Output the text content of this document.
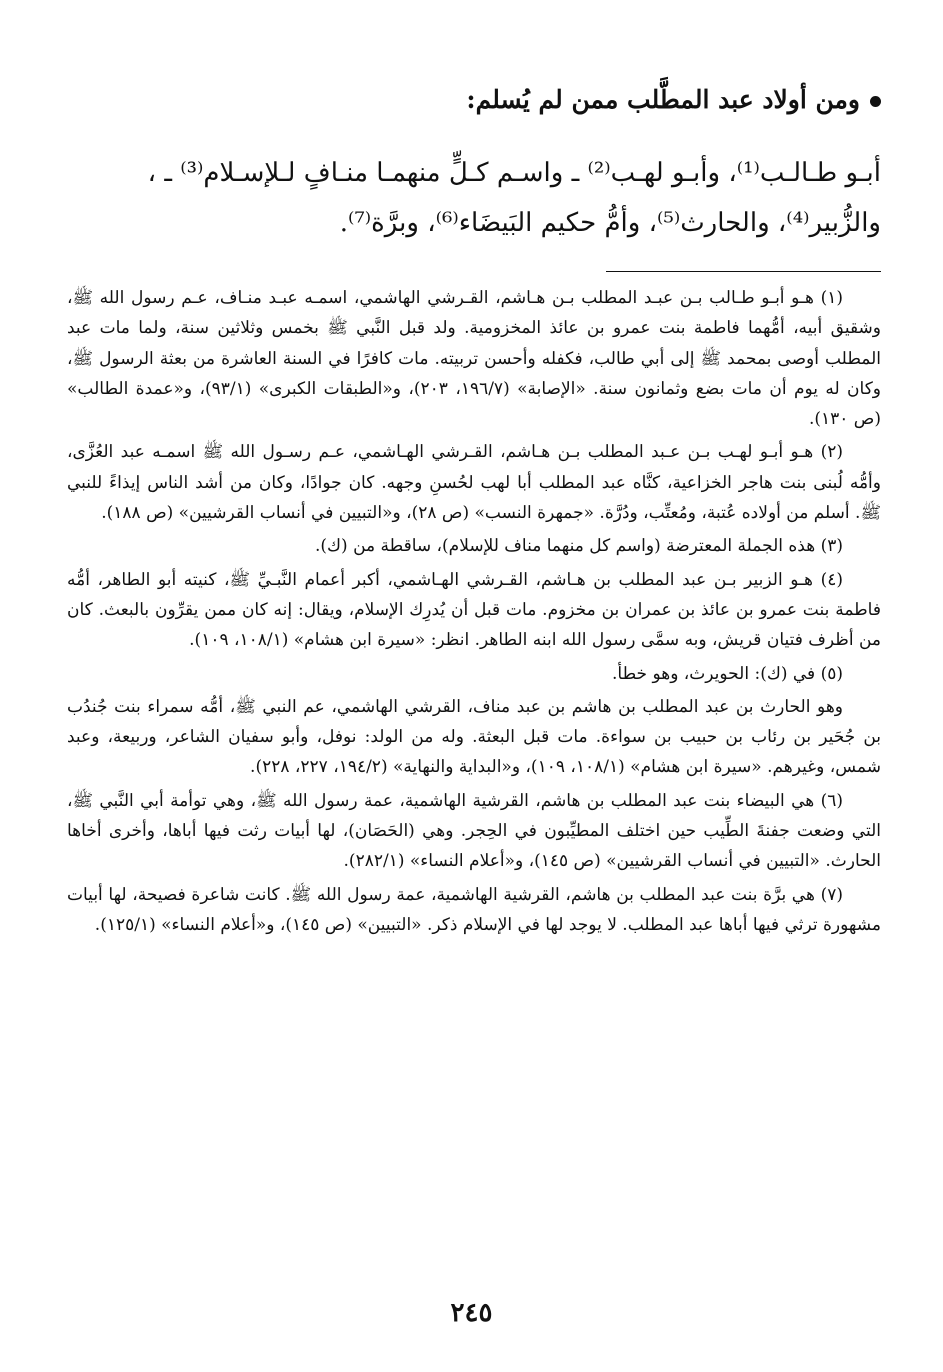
ومن أولاد عبد المطَّلب ممن لم يُسلم:

أبـو طـالـب⁽¹⁾، وأبـو لهـب⁽²⁾ ـ واسـم كـلٍّ منهمـا منـافٍ لـلإسـلام⁽³⁾ ـ ،

والزُّبير⁽⁴⁾، والحارث⁽⁵⁾، وأمُّ حكيم البَيضَاء⁽⁶⁾، وبرَّة⁽⁷⁾.

(١) هـو أبـو طـالب بـن عبـد المطلب بـن هـاشم، القـرشي الهاشمي، اسمـه عبـد منـاف، عـم رسول الله ﷺ، وشقيق أبيه، أمُّهما فاطمة بنت عمرو بن عائذ المخزومية. ولد قبل النَّبي ﷺ بخمس وثلاثين سنة، ولما مات عبد المطلب أوصى بمحمد ﷺ إلى أبي طالب، فكفله وأحسن تربيته. مات كافرًا في السنة العاشرة من بعثة الرسول ﷺ، وكان له يوم أن مات بضع وثمانون سنة. «الإصابة» (١٩٦/٧، ٢٠٣)، و«الطبقات الكبرى» (٩٣/١)، و«عمدة الطالب» (ص ١٣٠).

(٢) هـو أبـو لهـب بـن عـبد المطلب بـن هـاشم، القـرشي الهـاشمي، عـم رسـول الله ﷺ اسمـه عبد العُزَّى، وأمُّه لُبنى بنت هاجر الخزاعية، كنَّاه عبد المطلب أبا لهب لحُسنِ وجهه. كان جوادًا، وكان من أشد الناس إيذاءً للنبي ﷺ. أسلم من أولاده عُتبة، ومُعتِّب، ودُرَّة. «جمهرة النسب» (ص ٢٨)، و«التبيين في أنساب القرشيين» (ص ١٨٨).

(٣) هذه الجملة المعترضة (واسم كل منهما مناف للإسلام)، ساقطة من (ك).

(٤) هـو الزبير بـن عبد المطلب بن هـاشم، القـرشي الهـاشمي، أكبر أعمام النَّبـيِّ ﷺ، كنيته أبو الطاهر، أمُّه فاطمة بنت عمرو بن عائذ بن عمران بن مخزوم. مات قبل أن يُدرِك الإسلام، ويقال: إنه كان ممن يقرِّون بالبعث. كان من أظرف فتيان قريش، وبه سمَّى رسول الله ابنه الطاهر. انظر: «سيرة ابن هشام» (١٠٨/١، ١٠٩).

(٥) في (ك): الحويرث، وهو خطأ.

وهو الحارث بن عبد المطلب بن هاشم بن عبد مناف، القرشي الهاشمي، عم النبي ﷺ، أمُّه سمراء بنت جُندُب بن جُحَير بن رئاب بن حبيب بن سواءة. مات قبل البعثة. وله من الولد: نوفل، وأبو سفيان الشاعر، وربيعة، وعبد شمس، وغيرهم. «سيرة ابن هشام» (١٠٨/١، ١٠٩)، و«البداية والنهاية» (١٩٤/٢، ٢٢٧، ٢٢٨).

(٦) هي البيضاء بنت عبد المطلب بن هاشم، القرشية الهاشمية، عمة رسول الله ﷺ، وهي توأمة أبي النَّبي ﷺ، التي وضعت جفنةَ الطِّيب حين اختلف المطيِّبون في الحِجر. وهي (الحَصَان)، لها أبيات رثت فيها أباها، وأخرى أخاها الحارث. «التبيين في أنساب القرشيين» (ص ١٤٥)، و«أعلام النساء» (٢٨٢/١).

(٧) هي برَّة بنت عبد المطلب بن هاشم، القرشية الهاشمية، عمة رسول الله ﷺ. كانت شاعرة فصيحة، لها أبيات مشهورة ترثي فيها أباها عبد المطلب. لا يوجد لها في الإسلام ذكر. «التبيين» (ص ١٤٥)، و«أعلام النساء» (١٢٥/١).

٢٤٥
